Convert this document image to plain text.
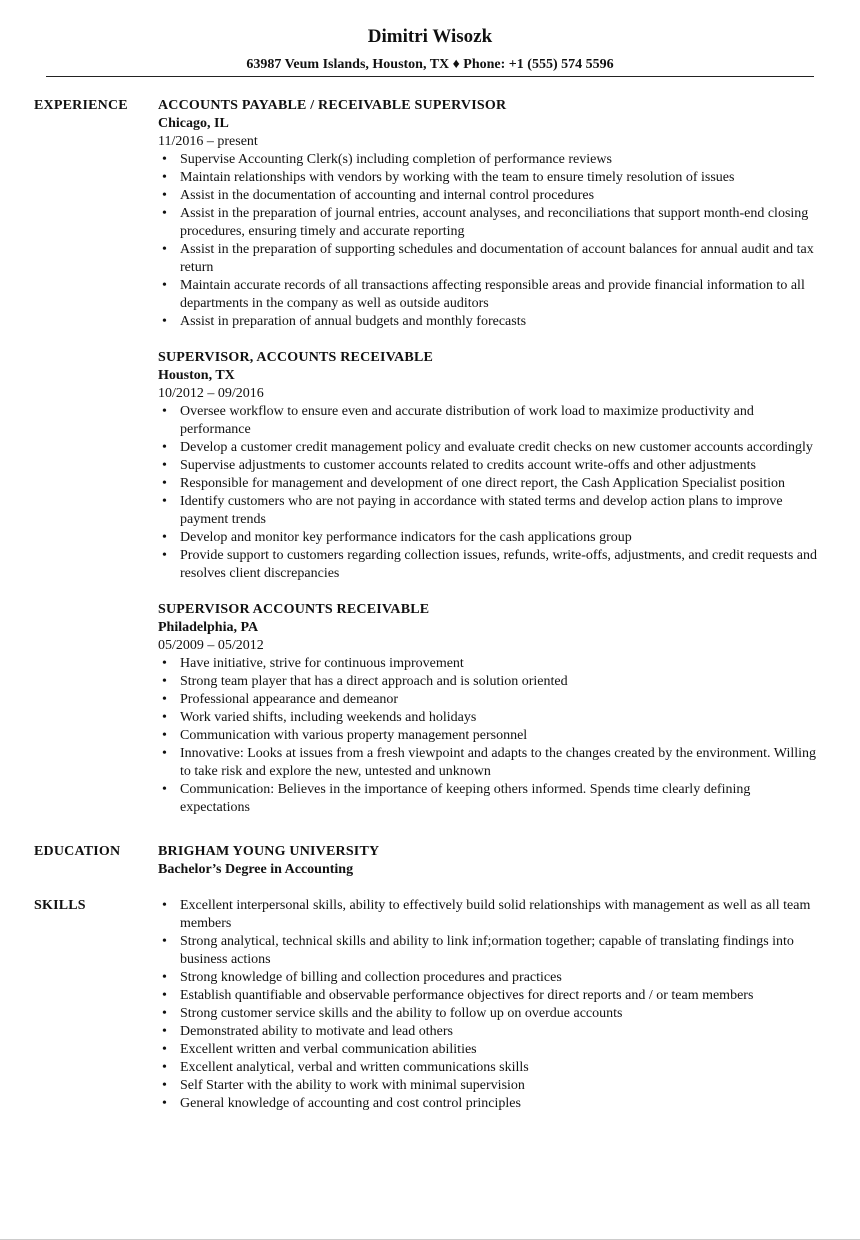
Dimitri Wisozk
63987 Veum Islands, Houston, TX ♦ Phone: +1 (555) 574 5596
EXPERIENCE ACCOUNTS PAYABLE / RECEIVABLE SUPERVISOR
Chicago, IL
11/2016 – present
• Supervise Accounting Clerk(s) including completion of performance reviews
• Maintain relationships with vendors by working with the team to ensure timely resolution of issues
• Assist in the documentation of accounting and internal control procedures
• Assist in the preparation of journal entries, account analyses, and reconciliations that support month-end closing procedures, ensuring timely and accurate reporting
• Assist in the preparation of supporting schedules and documentation of account balances for annual audit and tax return
• Maintain accurate records of all transactions affecting responsible areas and provide financial information to all departments in the company as well as outside auditors
• Assist in preparation of annual budgets and monthly forecasts
SUPERVISOR, ACCOUNTS RECEIVABLE
Houston, TX
10/2012 – 09/2016
• Oversee workflow to ensure even and accurate distribution of work load to maximize productivity and performance
• Develop a customer credit management policy and evaluate credit checks on new customer accounts accordingly
• Supervise adjustments to customer accounts related to credits account write-offs and other adjustments
• Responsible for management and development of one direct report, the Cash Application Specialist position
• Identify customers who are not paying in accordance with stated terms and develop action plans to improve payment trends
• Develop and monitor key performance indicators for the cash applications group
• Provide support to customers regarding collection issues, refunds, write-offs, adjustments, and credit requests and resolves client discrepancies
SUPERVISOR ACCOUNTS RECEIVABLE
Philadelphia, PA
05/2009 – 05/2012
• Have initiative, strive for continuous improvement
• Strong team player that has a direct approach and is solution oriented
• Professional appearance and demeanor
• Work varied shifts, including weekends and holidays
• Communication with various property management personnel
• Innovative: Looks at issues from a fresh viewpoint and adapts to the changes created by the environment. Willing to take risk and explore the new, untested and unknown
• Communication: Believes in the importance of keeping others informed. Spends time clearly defining expectations
EDUCATION	BRIGHAM YOUNG UNIVERSITY
Bachelor’s Degree in Accounting
SKILLS	• Excellent interpersonal skills, ability to effectively build solid relationships with management as well as all team members
• Strong analytical, technical skills and ability to link inf;ormation together; capable of translating findings into business actions
• Strong knowledge of billing and collection procedures and practices
• Establish quantifiable and observable performance objectives for direct reports and / or team members
• Strong customer service skills and the ability to follow up on overdue accounts
• Demonstrated ability to motivate and lead others
• Excellent written and verbal communication abilities
• Excellent analytical, verbal and written communications skills
• Self Starter with the ability to work with minimal supervision
• General knowledge of accounting and cost control principles
